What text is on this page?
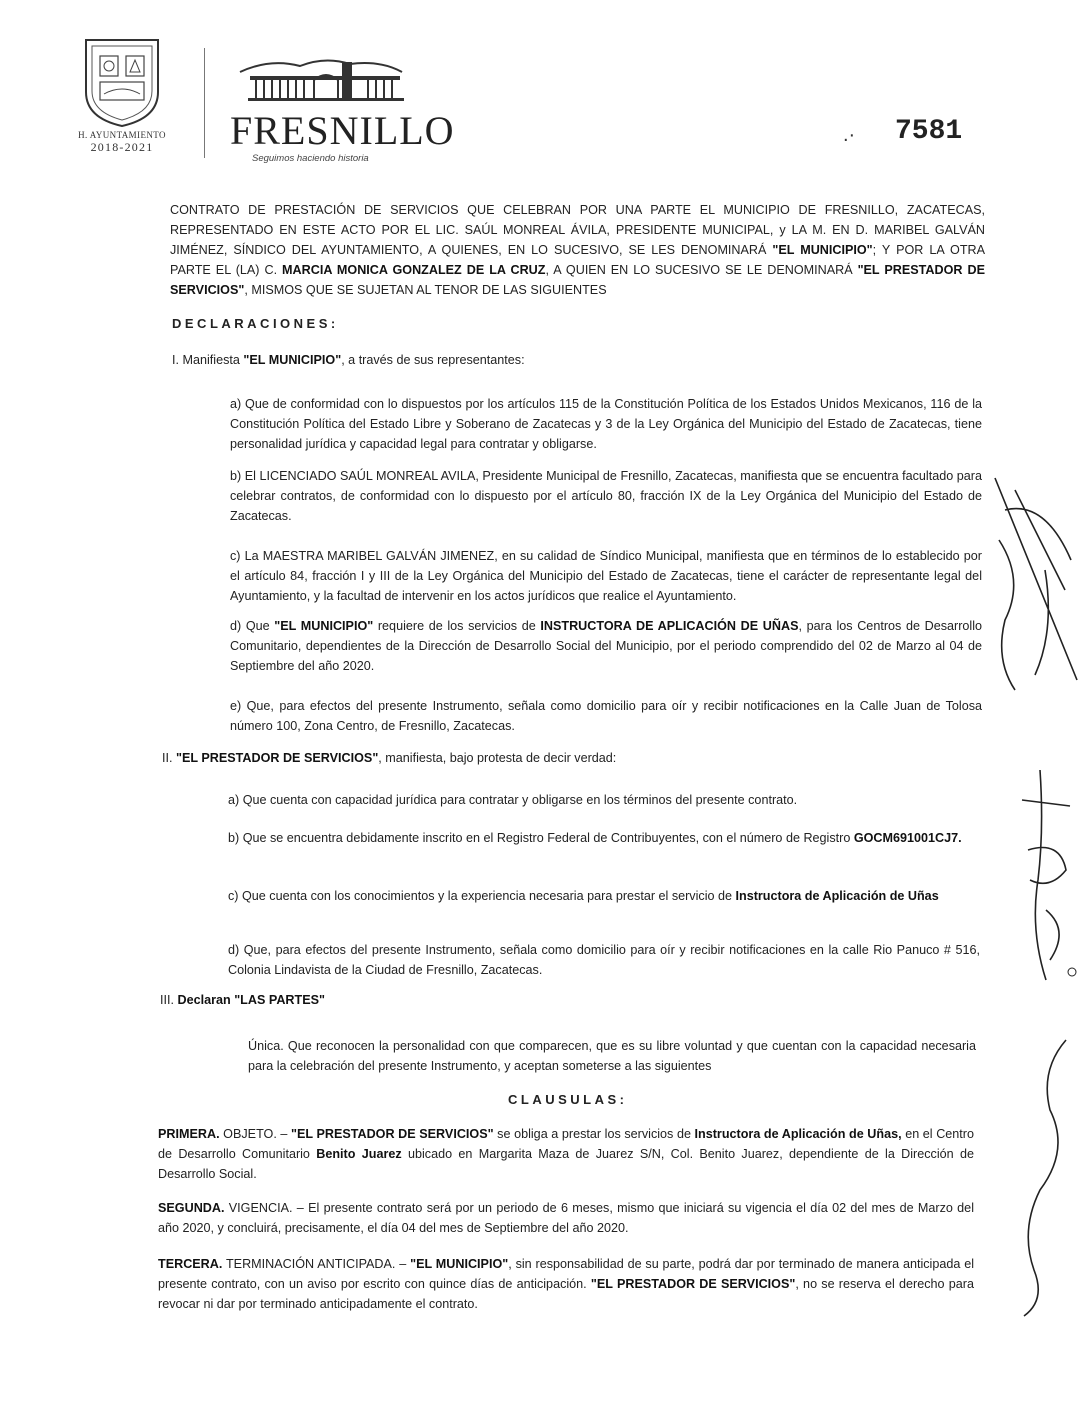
H. AYUNTAMIENTO
2018-2021	FRESNILLO
Seguimos haciendo historia
.· 7581

CONTRATO DE PRESTACIÓN DE SERVICIOS QUE CELEBRAN POR UNA PARTE EL MUNICIPIO DE FRESNILLO, ZACATECAS, REPRESENTADO EN ESTE ACTO POR EL LIC. SAÚL MONREAL ÁVILA, PRESIDENTE MUNICIPAL, y LA M. EN D. MARIBEL GALVÁN JIMÉNEZ, SÍNDICO DEL AYUNTAMIENTO, A QUIENES, EN LO SUCESIVO, SE LES DENOMINARÁ "EL MUNICIPIO"; Y POR LA OTRA PARTE EL (LA) C. MARCIA MONICA GONZALEZ DE LA CRUZ, A QUIEN EN LO SUCESIVO SE LE DENOMINARÁ "EL PRESTADOR DE SERVICIOS", MISMOS QUE SE SUJETAN AL TENOR DE LAS SIGUIENTES

DECLARACIONES:

I. Manifiesta "EL MUNICIPIO", a través de sus representantes:

a) Que de conformidad con lo dispuestos por los artículos 115 de la Constitución Política de los Estados Unidos Mexicanos, 116 de la Constitución Política del Estado Libre y Soberano de Zacatecas y 3 de la Ley Orgánica del Municipio del Estado de Zacatecas, tiene personalidad jurídica y capacidad legal para contratar y obligarse.

b) El LICENCIADO SAÚL MONREAL AVILA, Presidente Municipal de Fresnillo, Zacatecas, manifiesta que se encuentra facultado para celebrar contratos, de conformidad con lo dispuesto por el artículo 80, fracción IX de la Ley Orgánica del Municipio del Estado de Zacatecas.

c) La MAESTRA MARIBEL GALVÁN JIMENEZ, en su calidad de Síndico Municipal, manifiesta que en términos de lo establecido por el artículo 84, fracción I y III de la Ley Orgánica del Municipio del Estado de Zacatecas, tiene el carácter de representante legal del Ayuntamiento, y la facultad de intervenir en los actos jurídicos que realice el Ayuntamiento.

d) Que "EL MUNICIPIO" requiere de los servicios de INSTRUCTORA DE APLICACIÓN DE UÑAS, para los Centros de Desarrollo Comunitario, dependientes de la Dirección de Desarrollo Social del Municipio, por el periodo comprendido del 02 de Marzo al 04 de Septiembre del año 2020.

e) Que, para efectos del presente Instrumento, señala como domicilio para oír y recibir notificaciones en la Calle Juan de Tolosa número 100, Zona Centro, de Fresnillo, Zacatecas.

II. "EL PRESTADOR DE SERVICIOS", manifiesta, bajo protesta de decir verdad:

a) Que cuenta con capacidad jurídica para contratar y obligarse en los términos del presente contrato.

b) Que se encuentra debidamente inscrito en el Registro Federal de Contribuyentes, con el número de Registro GOCM691001CJ7.

c) Que cuenta con los conocimientos y la experiencia necesaria para prestar el servicio de Instructora de Aplicación de Uñas

d) Que, para efectos del presente Instrumento, señala como domicilio para oír y recibir notificaciones en la calle Rio Panuco # 516, Colonia Lindavista de la Ciudad de Fresnillo, Zacatecas.

III. Declaran "LAS PARTES"

Única. Que reconocen la personalidad con que comparecen, que es su libre voluntad y que cuentan con la capacidad necesaria para la celebración del presente Instrumento, y aceptan someterse a las siguientes

CLAUSULAS:

PRIMERA. OBJETO. – "EL PRESTADOR DE SERVICIOS" se obliga a prestar los servicios de Instructora de Aplicación de Uñas, en el Centro de Desarrollo Comunitario Benito Juarez ubicado en Margarita Maza de Juarez S/N, Col. Benito Juarez, dependiente de la Dirección de Desarrollo Social.

SEGUNDA. VIGENCIA. – El presente contrato será por un periodo de 6 meses, mismo que iniciará su vigencia el día 02 del mes de Marzo del año 2020, y concluirá, precisamente, el día 04 del mes de Septiembre del año 2020.

TERCERA. TERMINACIÓN ANTICIPADA. – "EL MUNICIPIO", sin responsabilidad de su parte, podrá dar por terminado de manera anticipada el presente contrato, con un aviso por escrito con quince días de anticipación. "EL PRESTADOR DE SERVICIOS", no se reserva el derecho para revocar ni dar por terminado anticipadamente el contrato.
